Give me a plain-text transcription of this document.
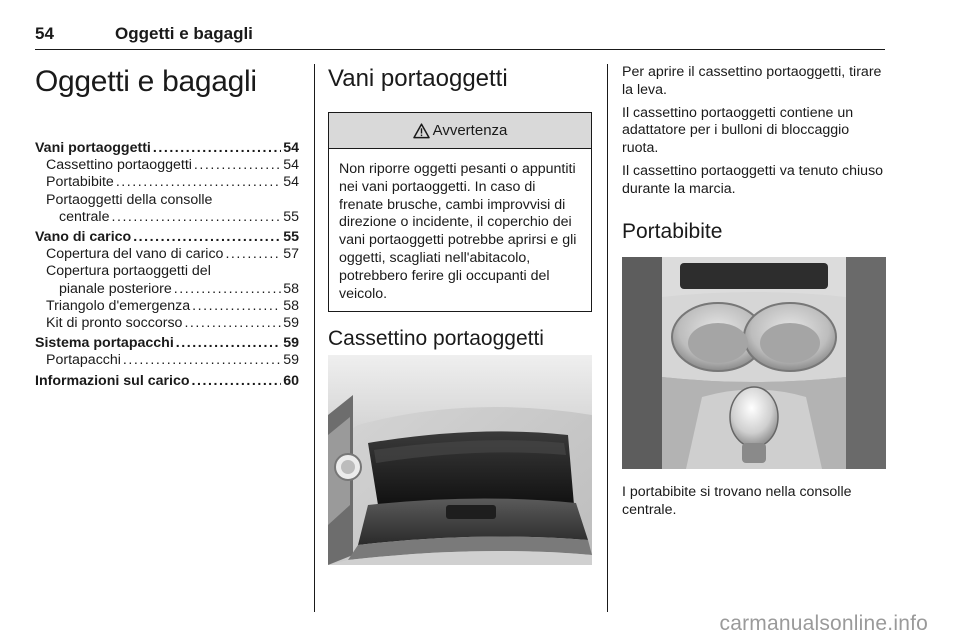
54	Oggetti e bagagli
Oggetti e bagagli
Vani portaoggetti . . .	54
Cassettino portaoggetti . . .	54
Portabibite . . .	54
Portaoggetti della consolle
centrale . . .	55
Vano di carico . . .	55
Copertura del vano di carico . . .	57
Copertura portaoggetti del
pianale posteriore . . .	58
Triangolo d'emergenza . . .	58
Kit di pronto soccorso . . .	59
Sistema portapacchi . . .	59
Portapacchi . . .	59
Informazioni sul carico . . .	60
Vani portaoggetti
Avvertenza

Non riporre oggetti pesanti o appuntiti nei vani portaoggetti. In caso di frenate brusche, cambi improvvisi di direzione o incidente, il coperchio dei vani portaoggetti potrebbe aprirsi e gli oggetti, scagliati nell'abitacolo, potrebbero ferire gli occupanti del veicolo.

Cassettino portaoggetti

Per aprire il cassettino portaoggetti, tirare la leva.

Il cassettino portaoggetti contiene un adattatore per i bulloni di bloccaggio ruota.

Il cassettino portaoggetti va tenuto chiuso durante la marcia.

Portabibite

I portabibite si trovano nella consolle centrale.

carmanualsonline.info
